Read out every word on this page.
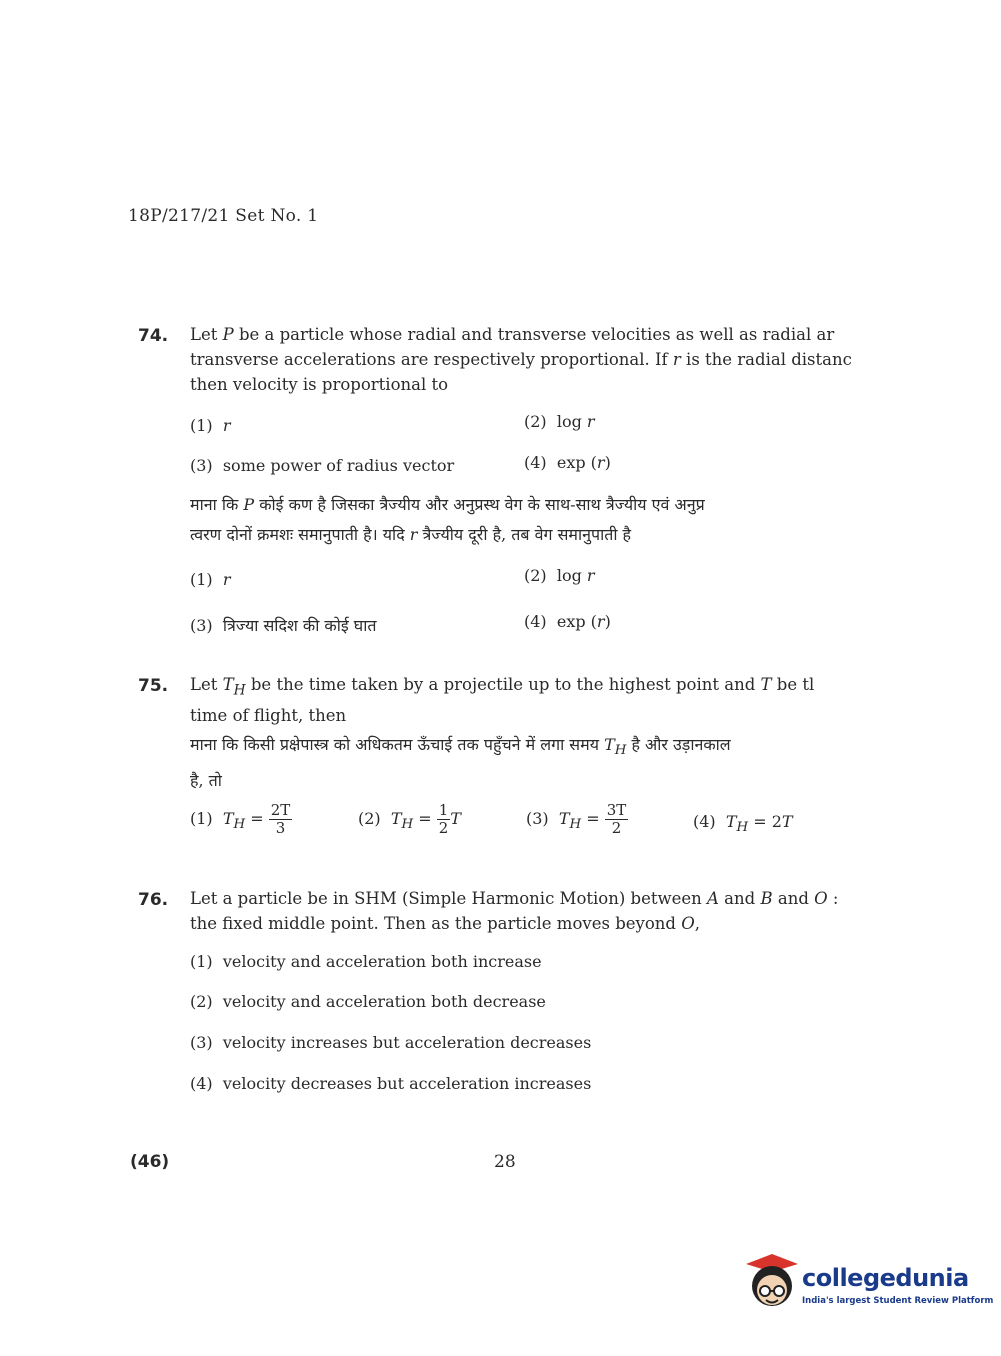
18P/217/21 Set No. 1
74. Let P be a particle whose radial and transverse velocities as well as radial ar
transverse accelerations are respectively proportional. If r is the radial distanc
then velocity is proportional to
(1) r	(2) log r
(3) some power of radius vector	(4) exp (r)
माना कि P कोई कण है जिसका त्रैज्यीय और अनुप्रस्थ वेग के साथ-साथ त्रैज्यीय एवं अनुप्र
त्वरण दोनों क्रमशः समानुपाती है। यदि r त्रैज्यीय दूरी है, तब वेग समानुपाती है
(1) r	(2) log r
(3) त्रिज्या सदिश की कोई घात	(4) exp (r)
75. Let $T_H$ be the time taken by a projectile up to the highest point and T be tl
time of flight, then
माना कि किसी प्रक्षेपास्त्र को अधिकतम ऊँचाई तक पहुँचने में लगा समय $T_H$ है और उड़ानकाल
है, तो
(1) $T_H = \frac{2T}{3}$	(2) $T_H = \frac{1}{2}$ T	(3) $T_H = \frac{3T}{2}$	(4) $T_H = 2T$
76. Let a particle be in SHM (Simple Harmonic Motion) between A and B and O :
the fixed middle point. Then as the particle moves beyond O,
(1) velocity and acceleration both increase
(2) velocity and acceleration both decrease
(3) velocity increases but acceleration decreases
(4) velocity decreases but acceleration increases
(46)	28
collegedunia
India's largest Student Review Platform
